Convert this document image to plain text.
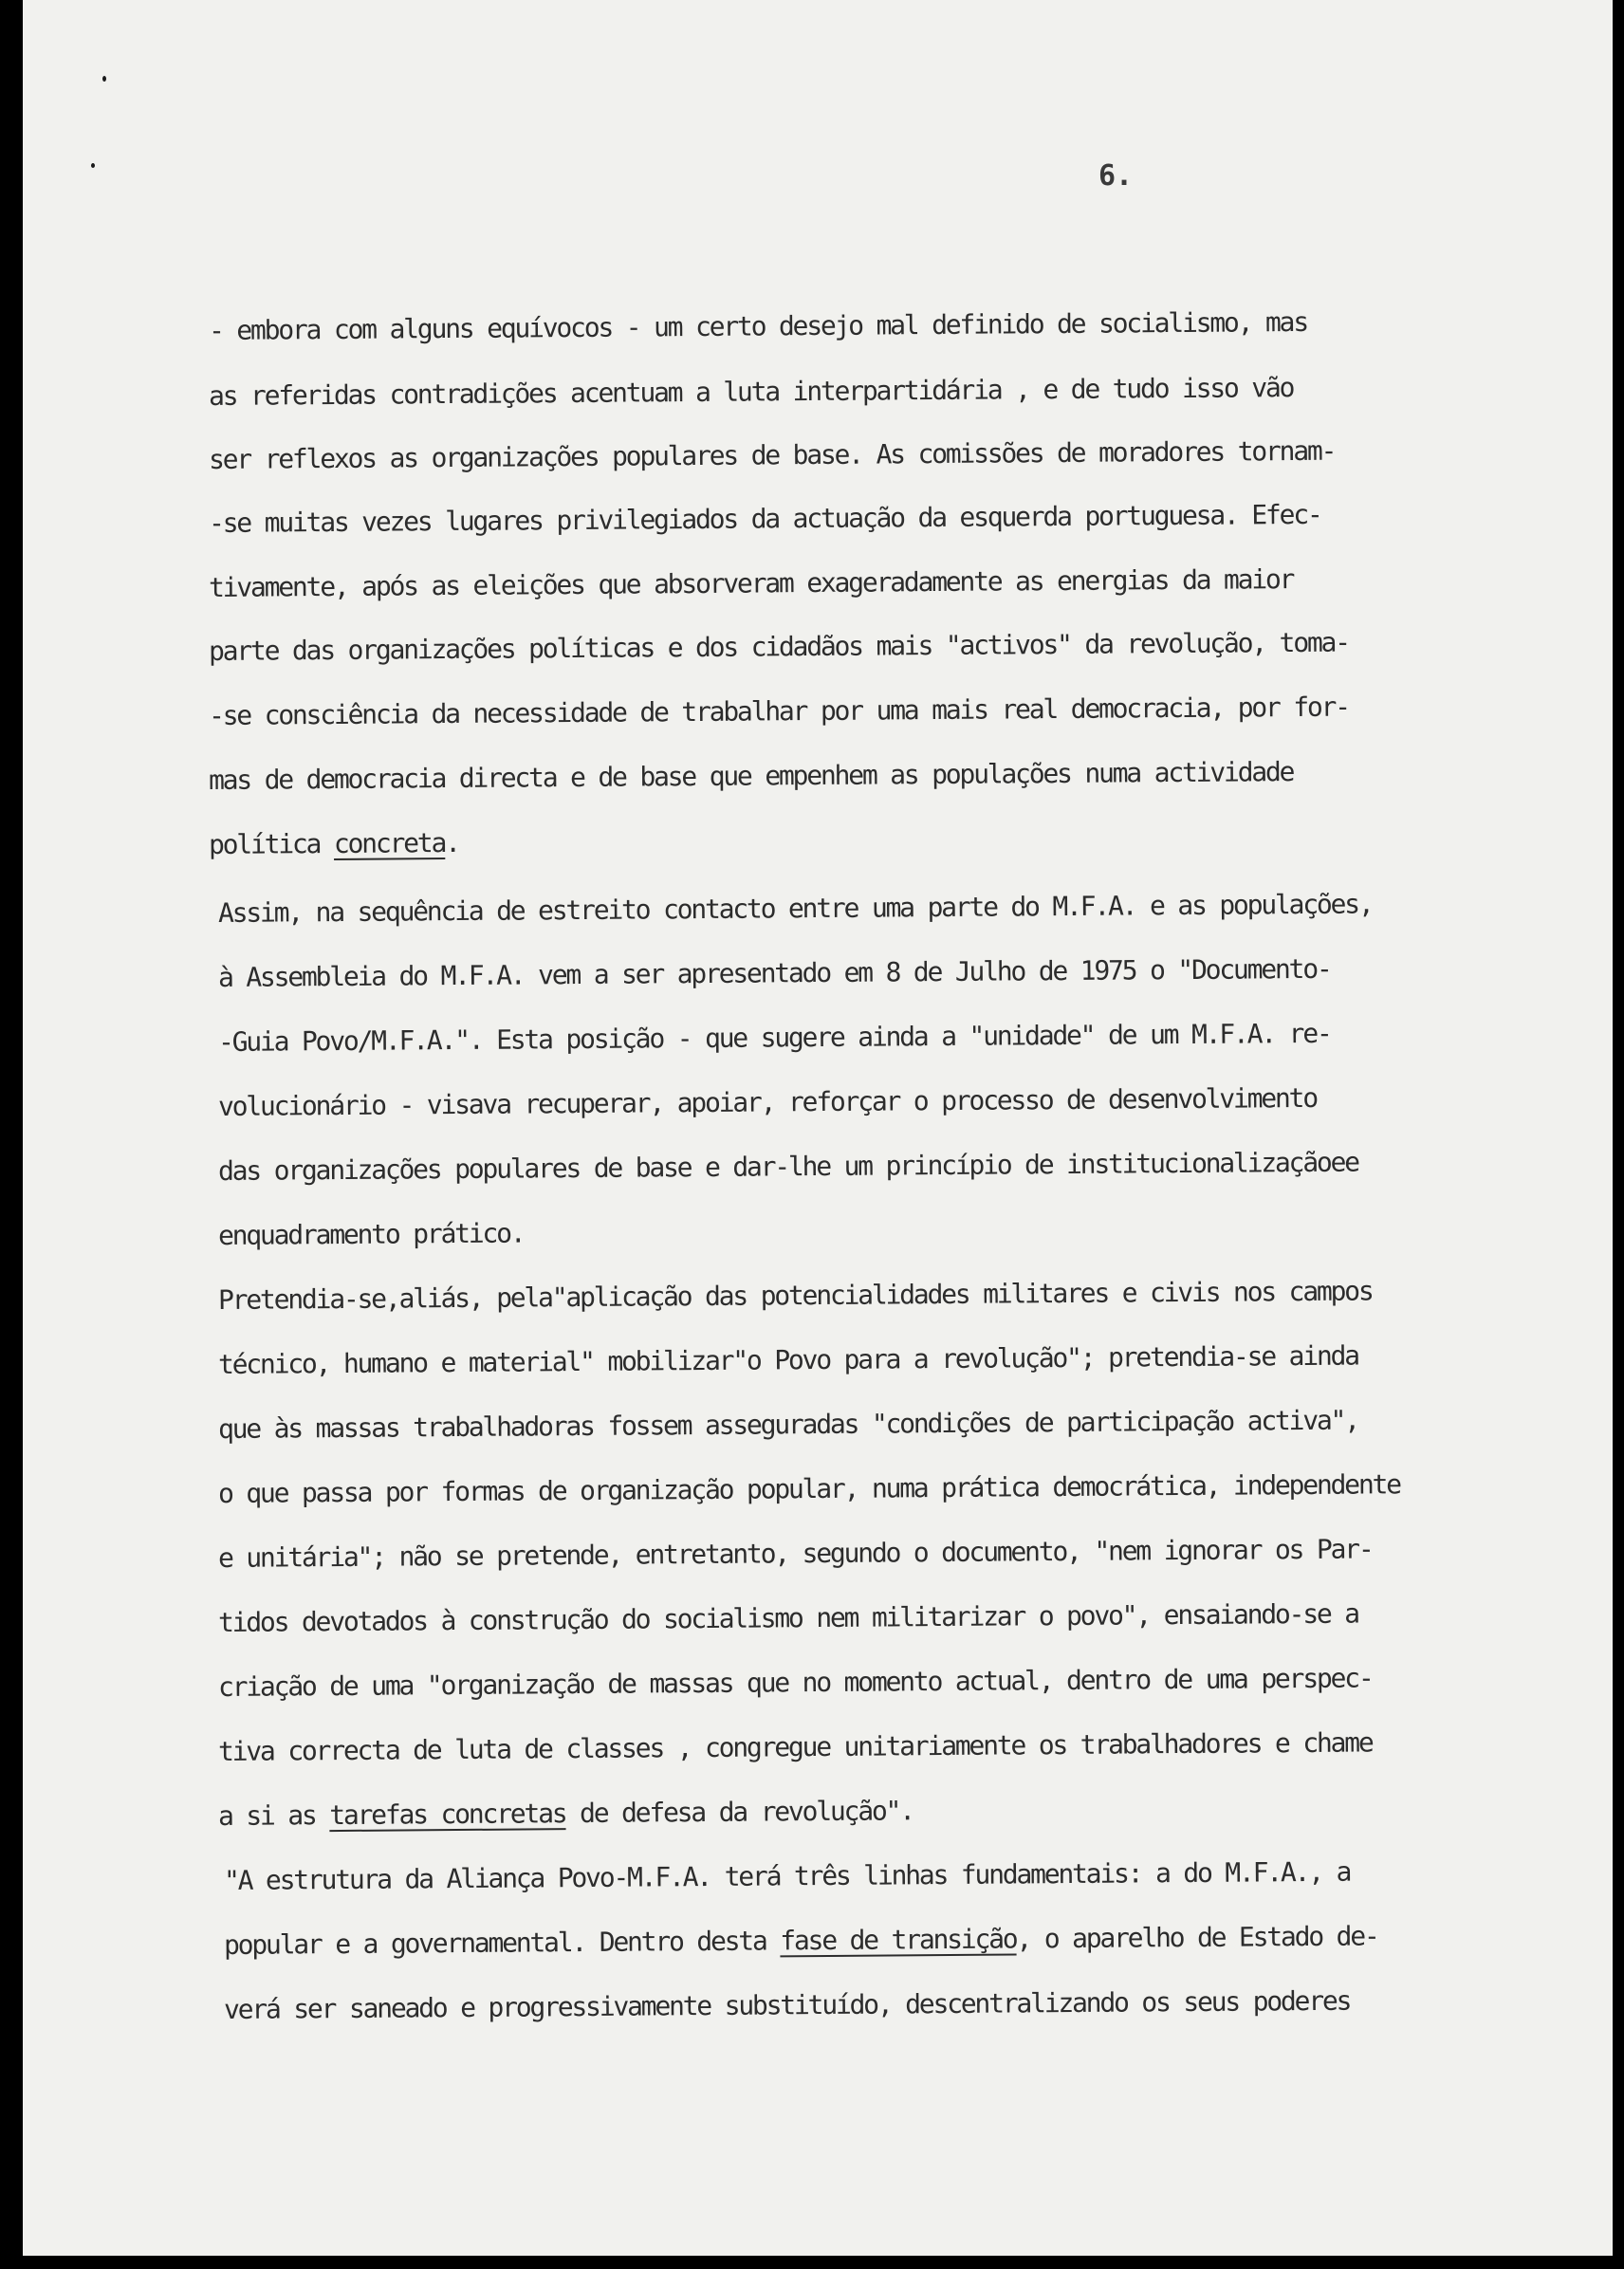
6.
- embora com alguns equívocos - um certo desejo mal definido de socialismo, mas
as referidas contradições acentuam a luta interpartidária , e de tudo isso vão
ser reflexos as organizações populares de base. As comissões de moradores tornam-
-se muitas vezes lugares privilegiados da actuação da esquerda portuguesa. Efec-
tivamente, após as eleições que absorveram exageradamente as energias da maior
parte das organizações políticas e dos cidadãos mais "activos" da revolução, toma-
-se consciência da necessidade de trabalhar por uma mais real democracia, por for-
mas de democracia directa e de base que empenhem as populações numa actividade
política concreta.
Assim, na sequência de estreito contacto entre uma parte do M.F.A. e as populações,
à Assembleia do M.F.A. vem a ser apresentado em 8 de Julho de 1975 o "Documento-
-Guia Povo/M.F.A.". Esta posição - que sugere ainda a "unidade" de um M.F.A. re-
volucionário - visava recuperar, apoiar, reforçar o processo de desenvolvimento
das organizações populares de base e dar-lhe um princípio de institucionalizaçãoee
enquadramento prático.
Pretendia-se,aliás, pela"aplicação das potencialidades militares e civis nos campos
técnico, humano e material" mobilizar"o Povo para a revolução"; pretendia-se ainda
que às massas trabalhadoras fossem asseguradas "condições de participação activa",
o que passa por formas de organização popular, numa prática democrática, independente
e unitária"; não se pretende, entretanto, segundo o documento, "nem ignorar os Par-
tidos devotados à construção do socialismo nem militarizar o povo", ensaiando-se a
criação de uma "organização de massas que no momento actual, dentro de uma perspec-
tiva correcta de luta de classes , congregue unitariamente os trabalhadores e chame
a si as tarefas concretas de defesa da revolução".
"A estrutura da Aliança Povo-M.F.A. terá três linhas fundamentais: a do M.F.A., a
popular e a governamental. Dentro desta fase de transição, o aparelho de Estado de-
verá ser saneado e progressivamente substituído, descentralizando os seus poderes
